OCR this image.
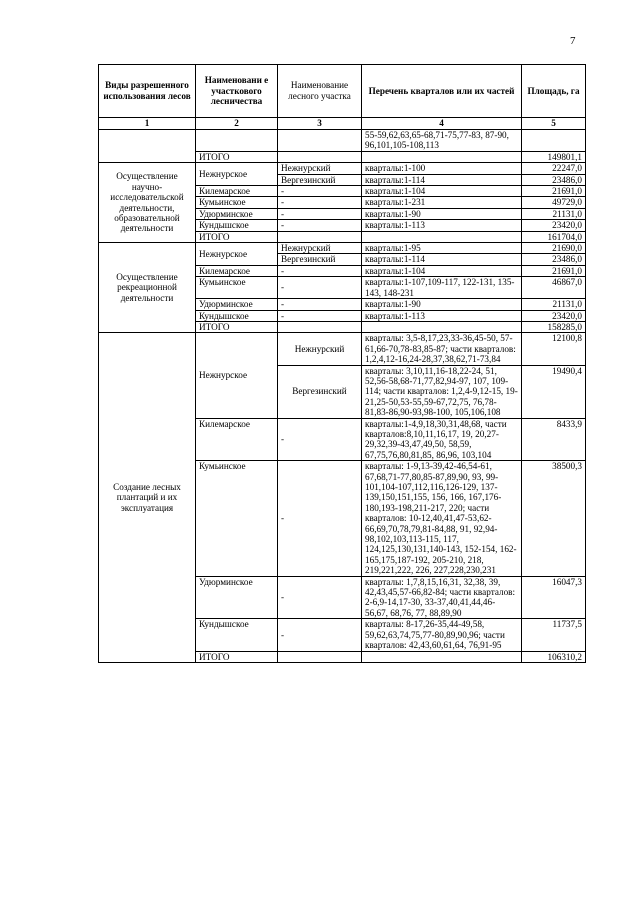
7
Виды разрешенного использования лесов	Наименовани е участкового лесничества	Наименование лесного участка	Перечень кварталов или их частей	Площадь, га
1	2	3	4	5
			55-59,62,63,65-68,71-75,77-83, 87-90, 96,101,105-108,113	
	ИТОГО			149801,1
Осуществление научно-исследовательской деятельности, образовательной деятельности	Нежнурское	Нежнурский	кварталы:1-100	22247,0
		Вергезинский	кварталы:1-114	23486,0
	Килемарское	-	кварталы:1-104	21691,0
	Кумьинское	-	кварталы:1-231	49729,0
	Удюрминское	-	кварталы:1-90	21131,0
	Кундышское	-	кварталы:1-113	23420,0
	ИТОГО			161704,0
Осуществление рекреационной деятельности	Нежнурское	Нежнурский	кварталы:1-95	21690,0
		Вергезинский	кварталы:1-114	23486,0
	Килемарское	-	кварталы:1-104	21691,0
	Кумьинское	-	кварталы:1-107,109-117, 122-131, 135-143, 148-231	46867,0
	Удюрминское	-	кварталы:1-90	21131,0
	Кундышское	-	кварталы:1-113	23420,0
	ИТОГО			158285,0
Создание лесных плантаций и их эксплуатация	Нежнурское	Нежнурский	кварталы: 3,5-8,17,23,33-36,45-50, 57-61,66-70,78-83,85-87; части кварталов: 1,2,4,12-16,24-28,37,38,62,71-73,84	12100,8
		Вергезинский	кварталы: 3,10,11,16-18,22-24, 51, 52,56-58,68-71,77,82,94-97, 107, 109-114; части кварталов: 1,2,4-9,12-15, 19-21,25-50,53-55,59-67,72,75, 76,78-81,83-86,90-93,98-100, 105,106,108	19490,4
	Килемарское	-	кварталы:1-4,9,18,30,31,48,68, части кварталов:8,10,11,16,17, 19, 20,27-29,32,39-43,47,49,50, 58,59, 67,75,76,80,81,85, 86,96, 103,104	8433,9
	Кумьинское	-	кварталы: 1-9,13-39,42-46,54-61, 67,68,71-77,80,85-87,89,90, 93, 99-101,104-107,112,116,126-129, 137-139,150,151,155, 156, 166, 167,176-180,193-198,211-217, 220; части кварталов: 10-12,40,41,47-53,62-66,69,70,78,79,81-84,88, 91, 92,94-98,102,103,113-115, 117, 124,125,130,131,140-143, 152-154, 162-165,175,187-192, 205-210, 218, 219,221,222, 226, 227,228,230,231	38500,3
	Удюрминское	-	кварталы: 1,7,8,15,16,31, 32,38, 39, 42,43,45,57-66,82-84; части кварталов: 2-6,9-14,17-30, 33-37,40,41,44,46-56,67, 68,76, 77, 88,89,90	16047,3
	Кундышское	-	кварталы: 8-17,26-35,44-49,58, 59,62,63,74,75,77-80,89,90,96; части кварталов: 42,43,60,61,64, 76,91-95	11737,5
	ИТОГО			106310,2
